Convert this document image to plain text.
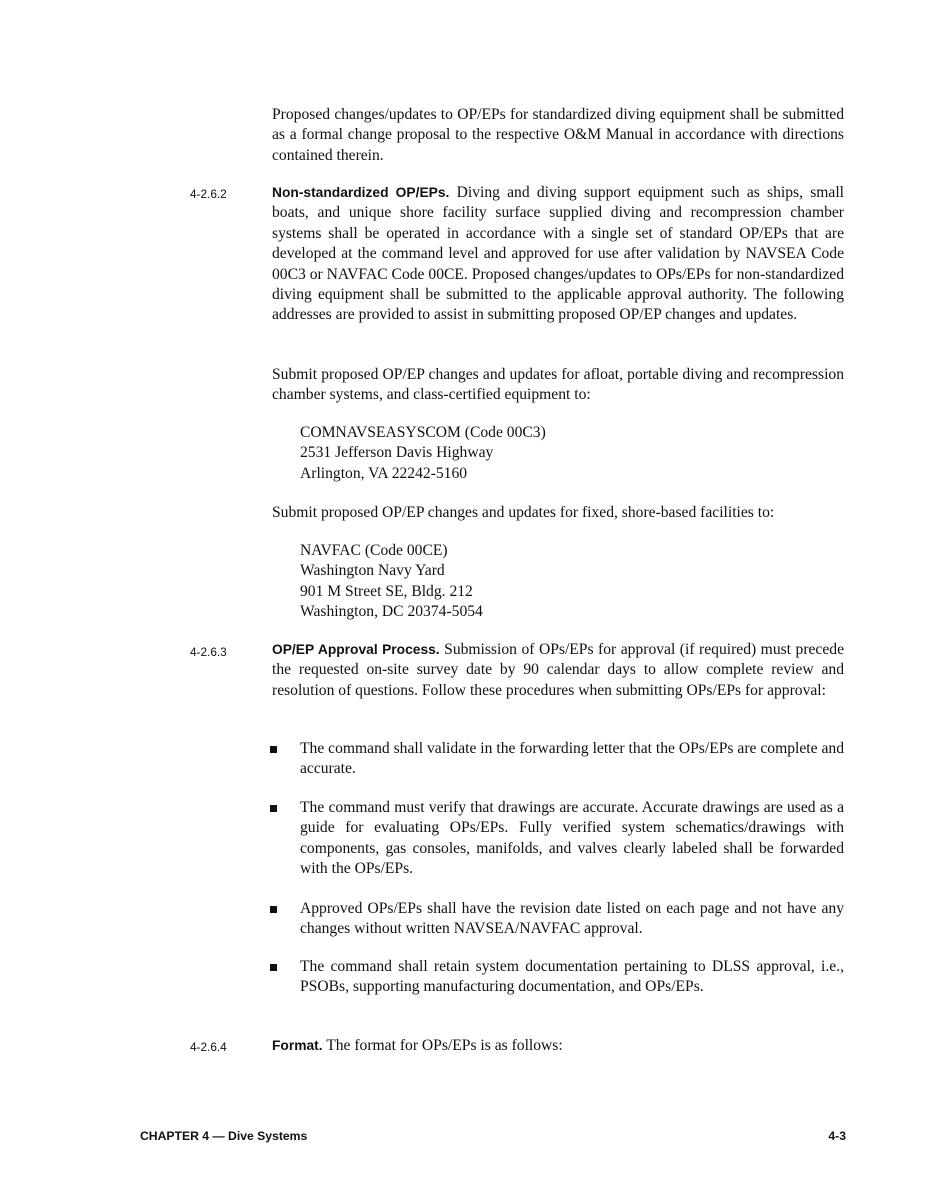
Proposed changes/updates to OP/EPs for standardized diving equipment shall be submitted as a formal change proposal to the respective O&M Manual in accordance with directions contained therein.
4-2.6.2	Non-standardized OP/EPs. Diving and diving support equipment such as ships, small boats, and unique shore facility surface supplied diving and recompression chamber systems shall be operated in accordance with a single set of standard OP/EPs that are developed at the command level and approved for use after validation by NAVSEA Code 00C3 or NAVFAC Code 00CE. Proposed changes/updates to OPs/EPs for non-standardized diving equipment shall be submitted to the applicable approval authority. The following addresses are provided to assist in submitting proposed OP/EP changes and updates.
Submit proposed OP/EP changes and updates for afloat, portable diving and recompression chamber systems, and class-certified equipment to:
COMNAVSEASYSCOM (Code 00C3)
2531 Jefferson Davis Highway
Arlington, VA 22242-5160
Submit proposed OP/EP changes and updates for fixed, shore-based facilities to:
NAVFAC (Code 00CE)
Washington Navy Yard
901 M Street SE, Bldg. 212
Washington, DC 20374-5054
4-2.6.3	OP/EP Approval Process. Submission of OPs/EPs for approval (if required) must precede the requested on-site survey date by 90 calendar days to allow complete review and resolution of questions. Follow these procedures when submitting OPs/EPs for approval:
The command shall validate in the forwarding letter that the OPs/EPs are complete and accurate.
The command must verify that drawings are accurate. Accurate drawings are used as a guide for evaluating OPs/EPs. Fully verified system schematics/drawings with components, gas consoles, manifolds, and valves clearly labeled shall be forwarded with the OPs/EPs.
Approved OPs/EPs shall have the revision date listed on each page and not have any changes without written NAVSEA/NAVFAC approval.
The command shall retain system documentation pertaining to DLSS approval, i.e., PSOBs, supporting manufacturing documentation, and OPs/EPs.
4-2.6.4	Format. The format for OPs/EPs is as follows:
CHAPTER 4 — Dive Systems	4-3
